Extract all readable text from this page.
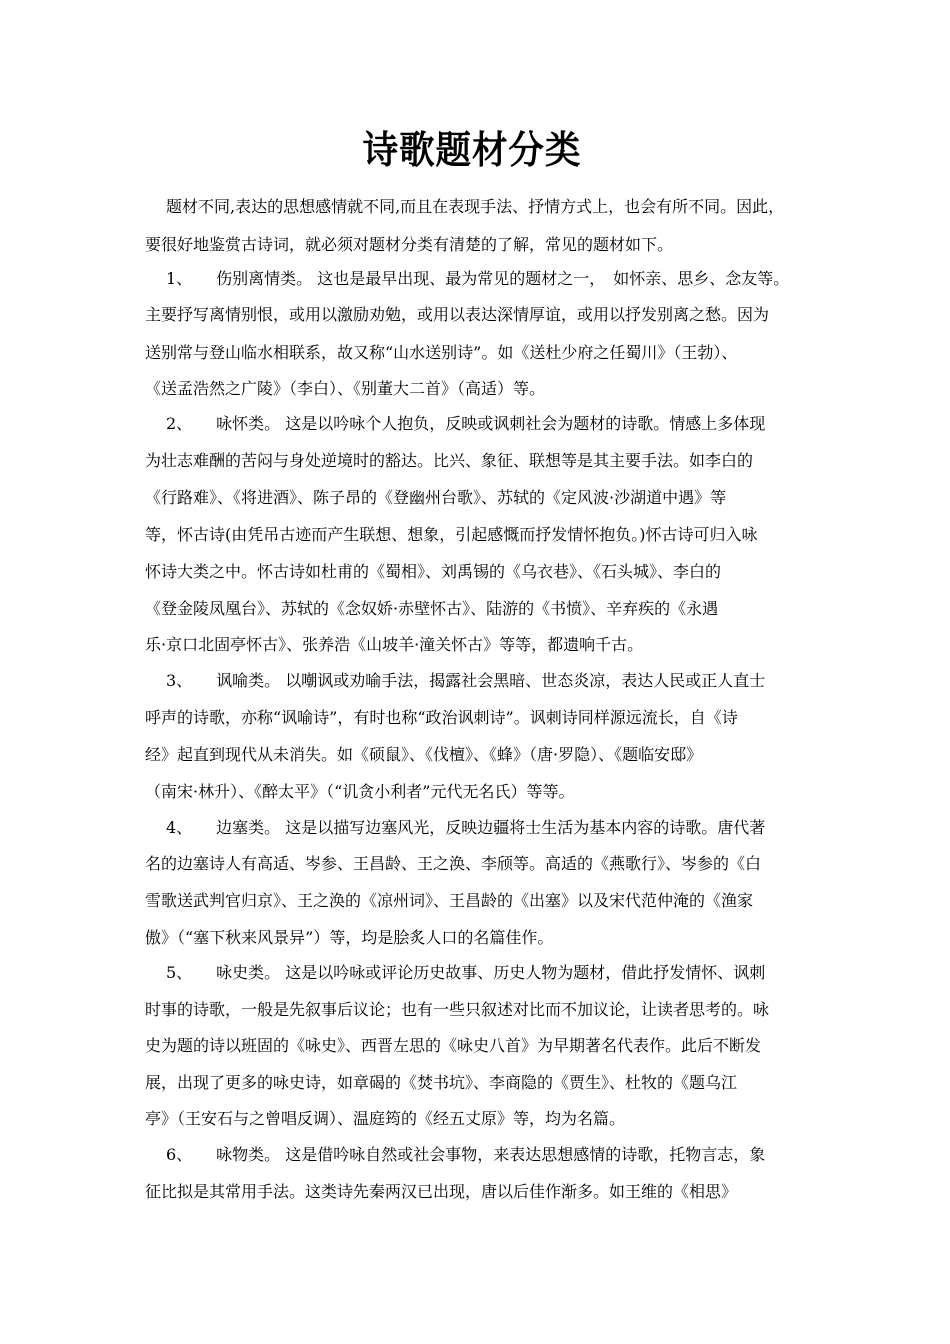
诗歌题材分类
题材不同,表达的思想感情就不同,而且在表现手法、抒情方式上，也会有所不同。因此，
要很好地鉴赏古诗词，就必须对题材分类有清楚的了解，常见的题材如下。
1、　　伤别离情类。 这也是最早出现、最为常见的题材之一，　如怀亲、思乡、念友等。
主要抒写离情别恨，或用以激励劝勉，或用以表达深情厚谊，或用以抒发别离之愁。因为
送别常与登山临水相联系，故又称“山水送别诗”。如《送杜少府之任蜀川》（王勃）、
《送孟浩然之广陵》（李白）、《别董大二首》（高适）等。
2、　　咏怀类。 这是以吟咏个人抱负，反映或讽刺社会为题材的诗歌。情感上多体现
为壮志难酬的苦闷与身处逆境时的豁达。比兴、象征、联想等是其主要手法。如李白的
《行路难》、《将进酒》、陈子昂的《登幽州台歌》、苏轼的《定风波·沙湖道中遇》等
等，怀古诗(由凭吊古迹而产生联想、想象，引起感慨而抒发情怀抱负。)怀古诗可归入咏
怀诗大类之中。怀古诗如杜甫的《蜀相》、刘禹锡的《乌衣巷》、《石头城》、李白的
《登金陵凤凰台》、苏轼的《念奴娇·赤壁怀古》、陆游的《书愤》、辛弃疾的《永遇
乐·京口北固亭怀古》、张养浩《山坡羊·潼关怀古》等等，都遗响千古。
3、　　讽喻类。 以嘲讽或劝喻手法，揭露社会黑暗、世态炎凉，表达人民或正人直士
呼声的诗歌，亦称“讽喻诗”，有时也称“政治讽刺诗”。讽刺诗同样源远流长，自《诗
经》起直到现代从未消失。如《硕鼠》、《伐檀》、《蜂》（唐·罗隐）、《题临安邸》
（南宋·林升）、《醉太平》（“讥贪小利者”元代无名氏）等等。
4、　　边塞类。 这是以描写边塞风光，反映边疆将士生活为基本内容的诗歌。唐代著
名的边塞诗人有高适、岑参、王昌龄、王之涣、李颀等。高适的《燕歌行》、岑参的《白
雪歌送武判官归京》、王之涣的《凉州词》、王昌龄的《出塞》以及宋代范仲淹的《渔家
傲》（“塞下秋来风景异”）等，均是脍炙人口的名篇佳作。
5、　　咏史类。 这是以吟咏或评论历史故事、历史人物为题材，借此抒发情怀、讽刺
时事的诗歌，一般是先叙事后议论；也有一些只叙述对比而不加议论，让读者思考的。咏
史为题的诗以班固的《咏史》、西晋左思的《咏史八首》为早期著名代表作。此后不断发
展，出现了更多的咏史诗，如章碣的《焚书坑》、李商隐的《贾生》、杜牧的《题乌江
亭》（王安石与之曾唱反调）、温庭筠的《经五丈原》等，均为名篇。
6、　　咏物类。 这是借吟咏自然或社会事物，来表达思想感情的诗歌，托物言志，象
征比拟是其常用手法。这类诗先秦两汉已出现，唐以后佳作渐多。如王维的《相思》
